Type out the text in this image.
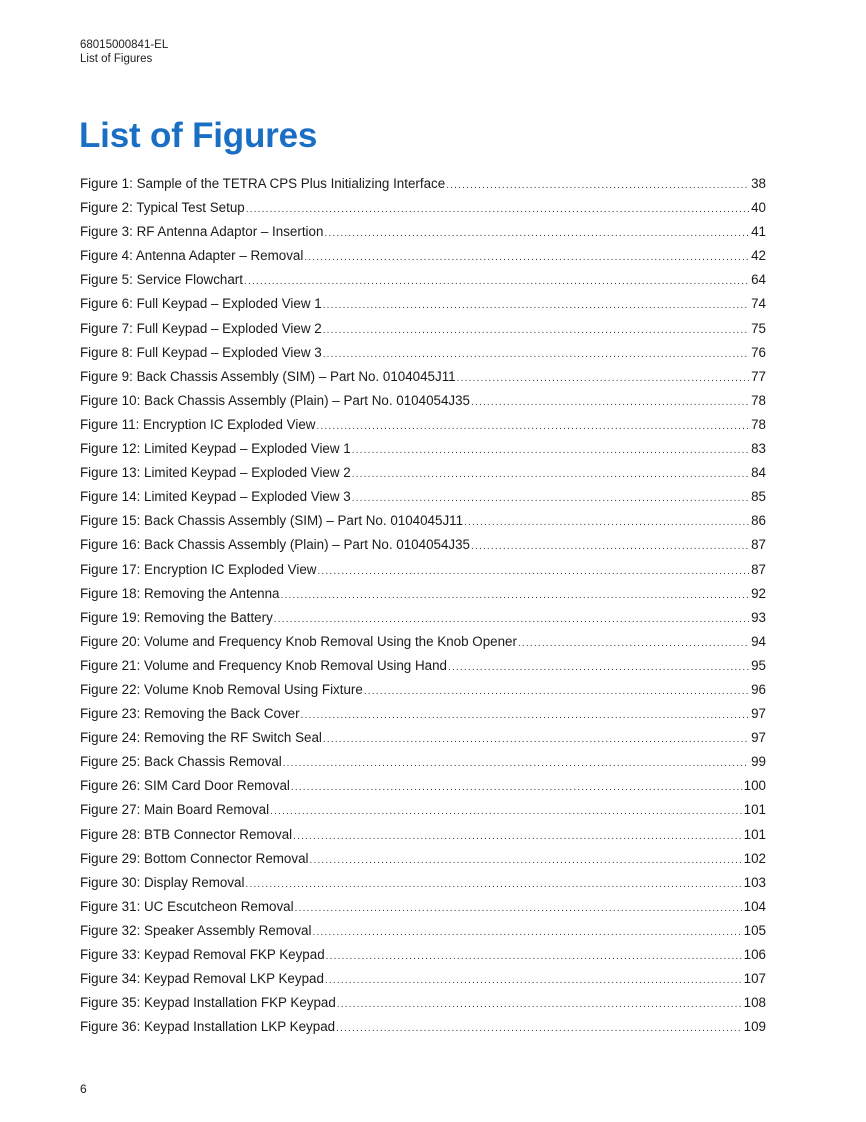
68015000841-EL
List of Figures
List of Figures
Figure 1: Sample of the TETRA CPS Plus Initializing Interface .....	38
Figure 2: Typical Test Setup .....	40
Figure 3: RF Antenna Adaptor – Insertion .....	41
Figure 4: Antenna Adapter – Removal .....	42
Figure 5: Service Flowchart .....	64
Figure 6: Full Keypad – Exploded View 1 .....	74
Figure 7: Full Keypad – Exploded View 2 .....	75
Figure 8: Full Keypad – Exploded View 3 .....	76
Figure 9: Back Chassis Assembly (SIM) – Part No. 0104045J11 .....	77
Figure 10: Back Chassis Assembly (Plain) – Part No. 0104054J35 .....	78
Figure 11: Encryption IC Exploded View .....	78
Figure 12: Limited Keypad – Exploded View 1 .....	83
Figure 13: Limited Keypad – Exploded View 2 .....	84
Figure 14: Limited Keypad – Exploded View 3 .....	85
Figure 15: Back Chassis Assembly (SIM) – Part No. 0104045J11 .....	86
Figure 16: Back Chassis Assembly (Plain) – Part No. 0104054J35 .....	87
Figure 17: Encryption IC Exploded View .....	87
Figure 18: Removing the Antenna .....	92
Figure 19: Removing the Battery .....	93
Figure 20: Volume and Frequency Knob Removal Using the Knob Opener .....	94
Figure 21: Volume and Frequency Knob Removal Using Hand .....	95
Figure 22: Volume Knob Removal Using Fixture .....	96
Figure 23: Removing the Back Cover .....	97
Figure 24: Removing the RF Switch Seal .....	97
Figure 25: Back Chassis Removal .....	99
Figure 26: SIM Card Door Removal .....	100
Figure 27: Main Board Removal .....	101
Figure 28: BTB Connector Removal .....	101
Figure 29: Bottom Connector Removal .....	102
Figure 30: Display Removal .....	103
Figure 31: UC Escutcheon Removal .....	104
Figure 32: Speaker Assembly Removal .....	105
Figure 33: Keypad Removal FKP Keypad .....	106
Figure 34: Keypad Removal LKP Keypad .....	107
Figure 35: Keypad Installation FKP Keypad .....	108
Figure 36: Keypad Installation LKP Keypad .....	109
6
